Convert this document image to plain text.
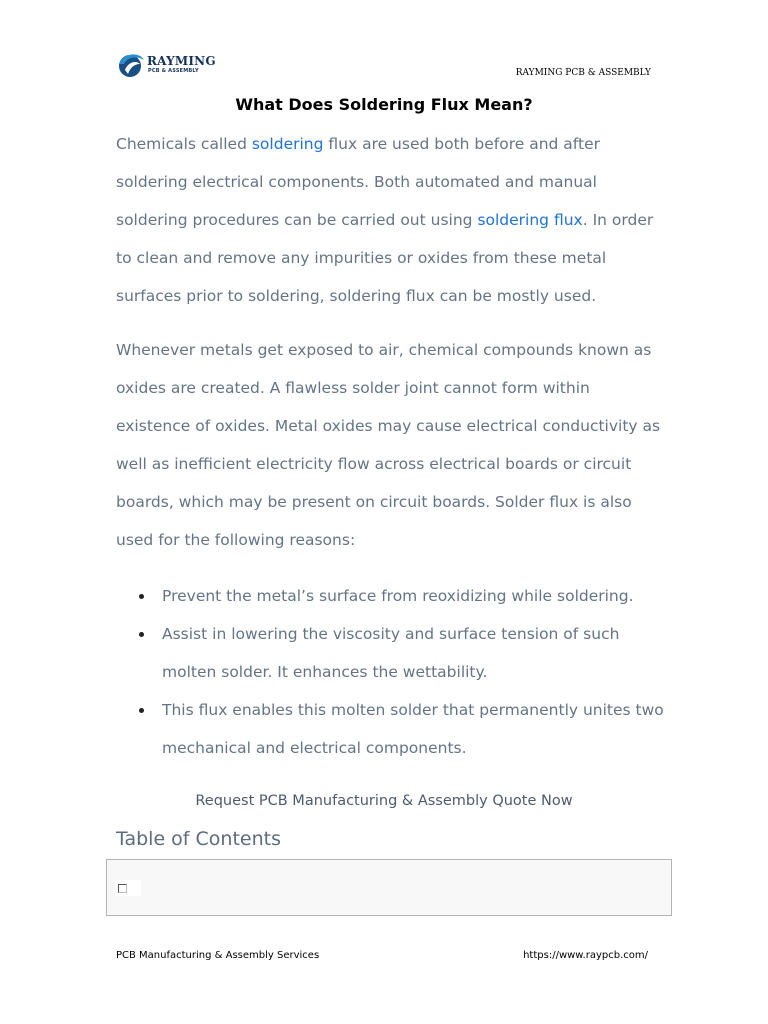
RAYMING
PCB & ASSEMBLY	RAYMING PCB & ASSEMBLY
What Does Soldering Flux Mean?

Chemicals called soldering flux are used both before and after soldering electrical components. Both automated and manual soldering procedures can be carried out using soldering flux. In order to clean and remove any impurities or oxides from these metal surfaces prior to soldering, soldering flux can be mostly used.

Whenever metals get exposed to air, chemical compounds known as oxides are created. A flawless solder joint cannot form within existence of oxides. Metal oxides may cause electrical conductivity as well as inefficient electricity flow across electrical boards or circuit boards, which may be present on circuit boards. Solder flux is also used for the following reasons:

Prevent the metal’s surface from reoxidizing while soldering.
Assist in lowering the viscosity and surface tension of such molten solder. It enhances the wettability.
This flux enables this molten solder that permanently unites two mechanical and electrical components.
Request PCB Manufacturing & Assembly Quote Now
Table of Contents
PCB Manufacturing & Assembly Services	https://www.raypcb.com/
